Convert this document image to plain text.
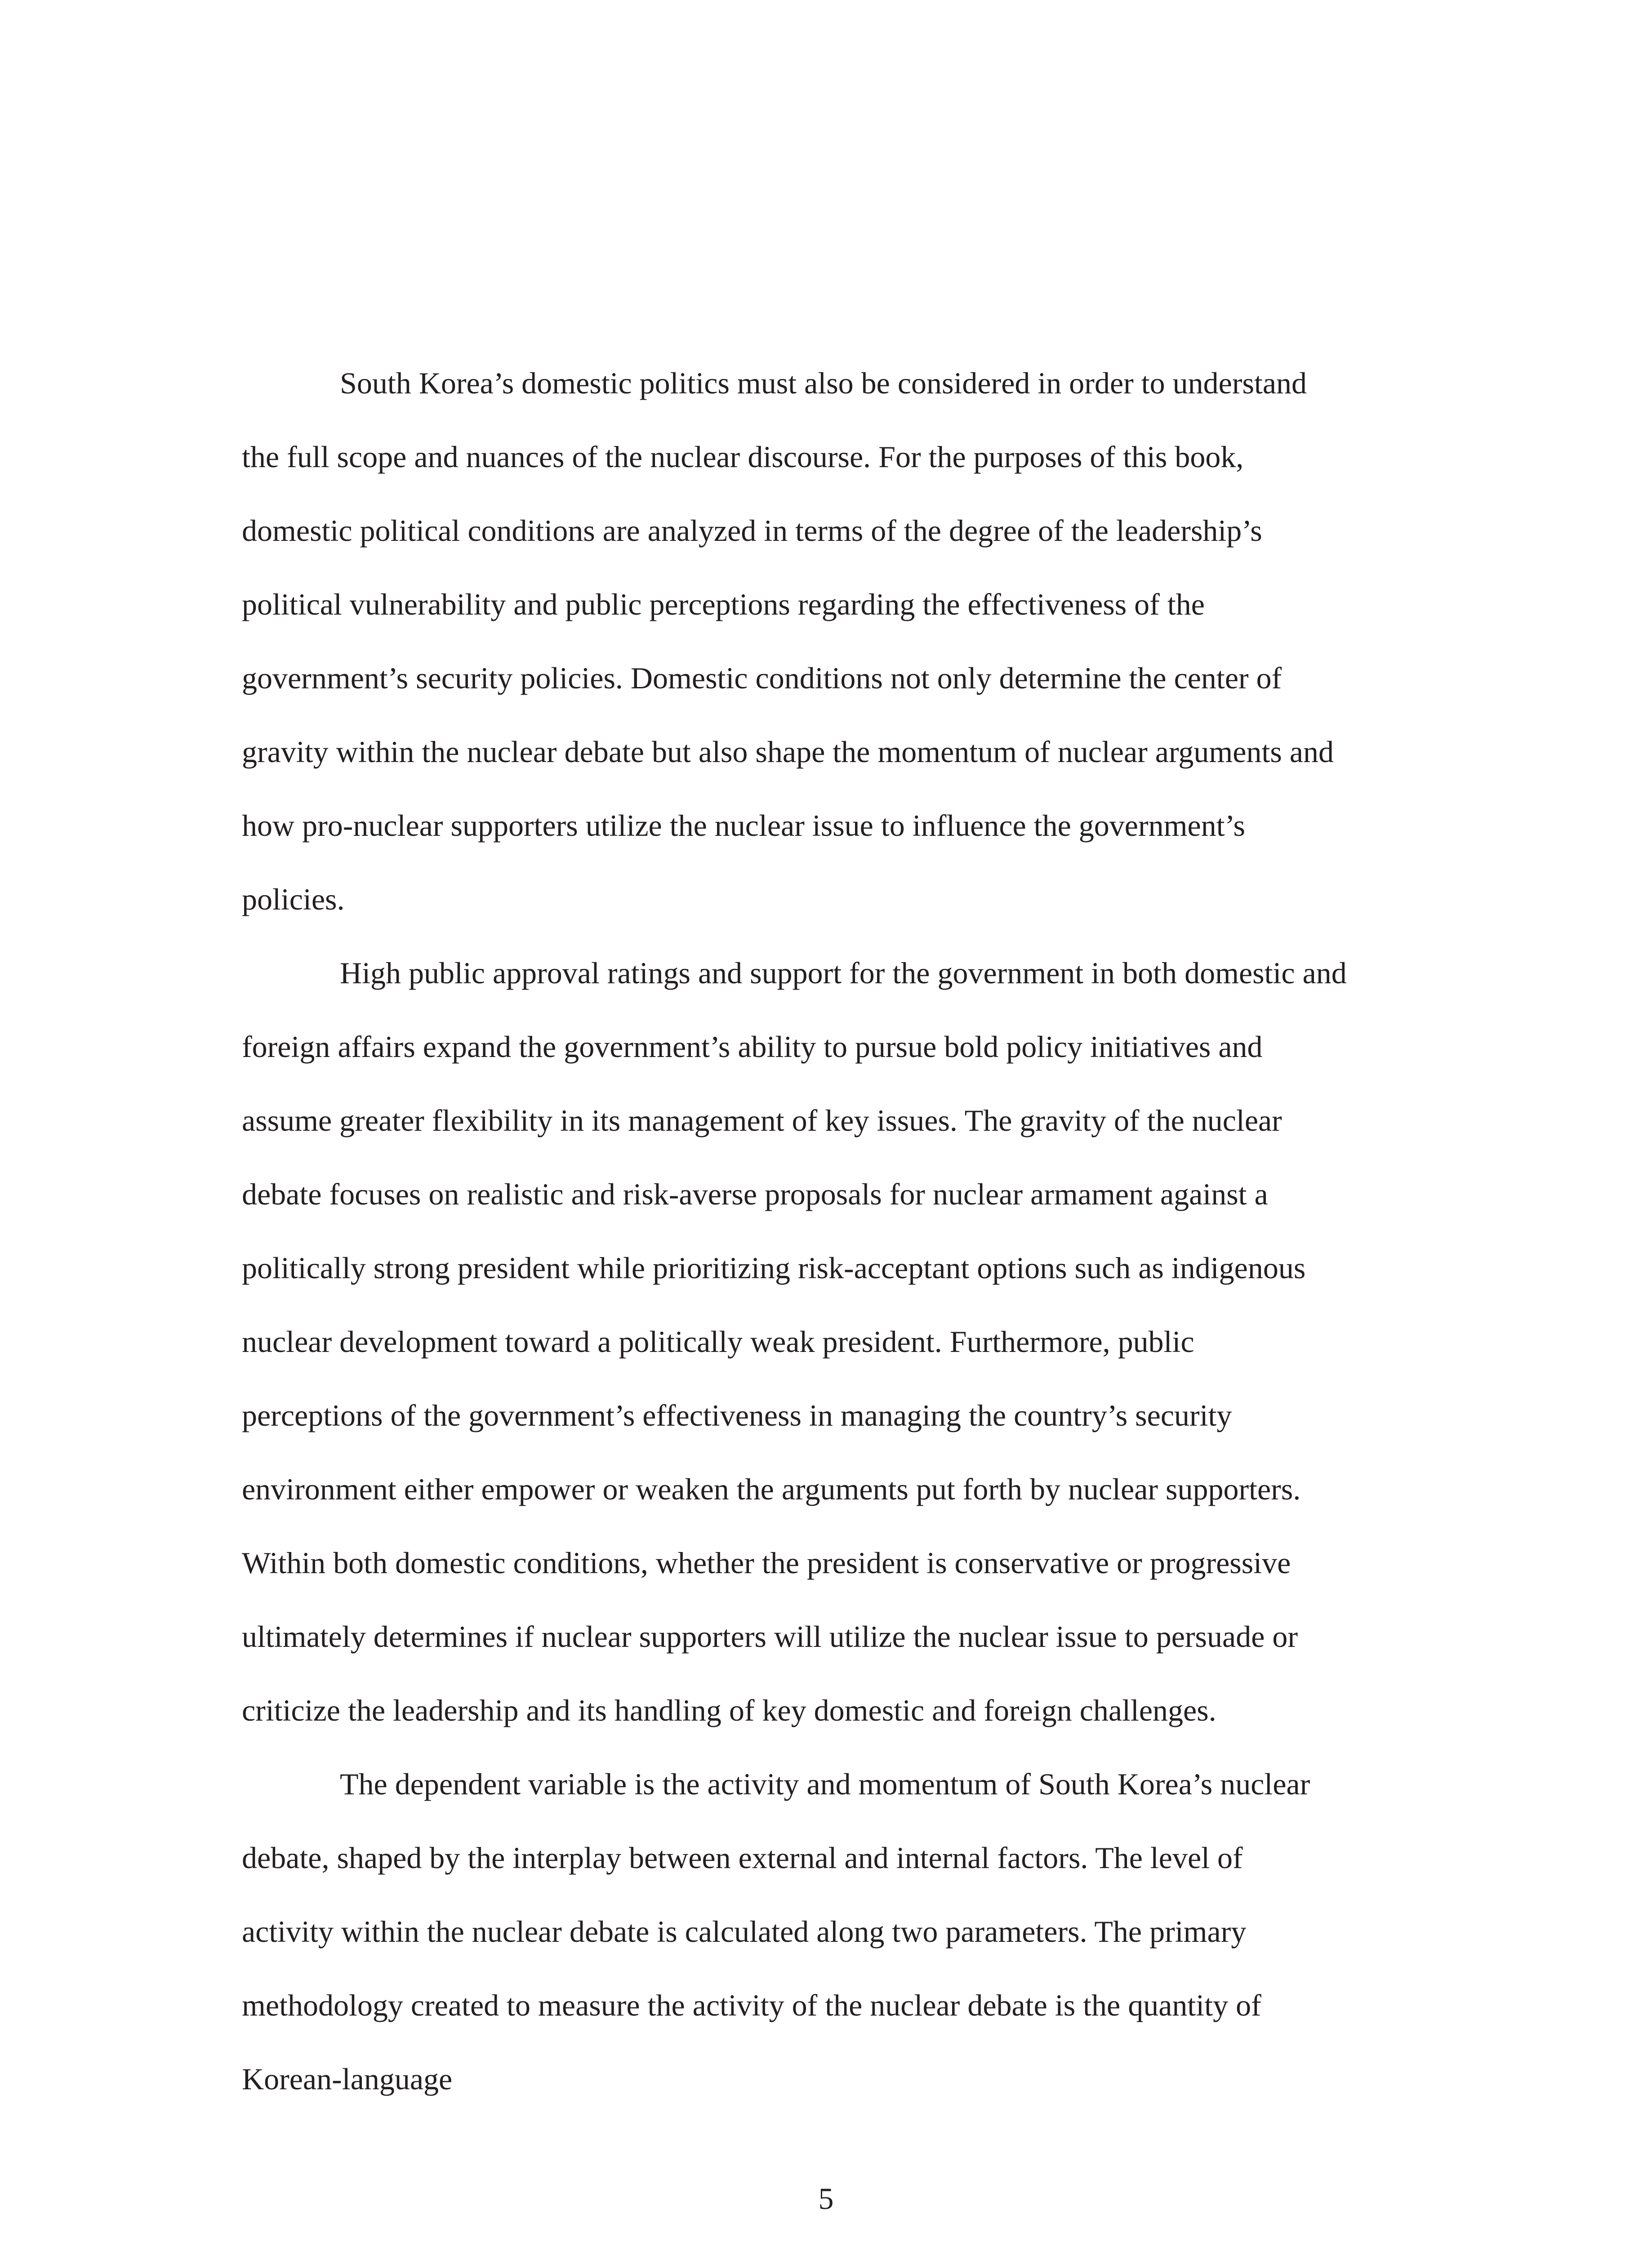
South Korea’s domestic politics must also be considered in order to understand
the full scope and nuances of the nuclear discourse. For the purposes of this book,
domestic political conditions are analyzed in terms of the degree of the leadership’s
political vulnerability and public perceptions regarding the effectiveness of the
government’s security policies. Domestic conditions not only determine the center of
gravity within the nuclear debate but also shape the momentum of nuclear arguments and
how pro-nuclear supporters utilize the nuclear issue to influence the government’s
policies.

High public approval ratings and support for the government in both domestic and
foreign affairs expand the government’s ability to pursue bold policy initiatives and
assume greater flexibility in its management of key issues. The gravity of the nuclear
debate focuses on realistic and risk-averse proposals for nuclear armament against a
politically strong president while prioritizing risk-acceptant options such as indigenous
nuclear development toward a politically weak president. Furthermore, public
perceptions of the government’s effectiveness in managing the country’s security
environment either empower or weaken the arguments put forth by nuclear supporters.
Within both domestic conditions, whether the president is conservative or progressive
ultimately determines if nuclear supporters will utilize the nuclear issue to persuade or
criticize the leadership and its handling of key domestic and foreign challenges.

The dependent variable is the activity and momentum of South Korea’s nuclear
debate, shaped by the interplay between external and internal factors. The level of
activity within the nuclear debate is calculated along two parameters. The primary
methodology created to measure the activity of the nuclear debate is the quantity of
Korean-language

5
